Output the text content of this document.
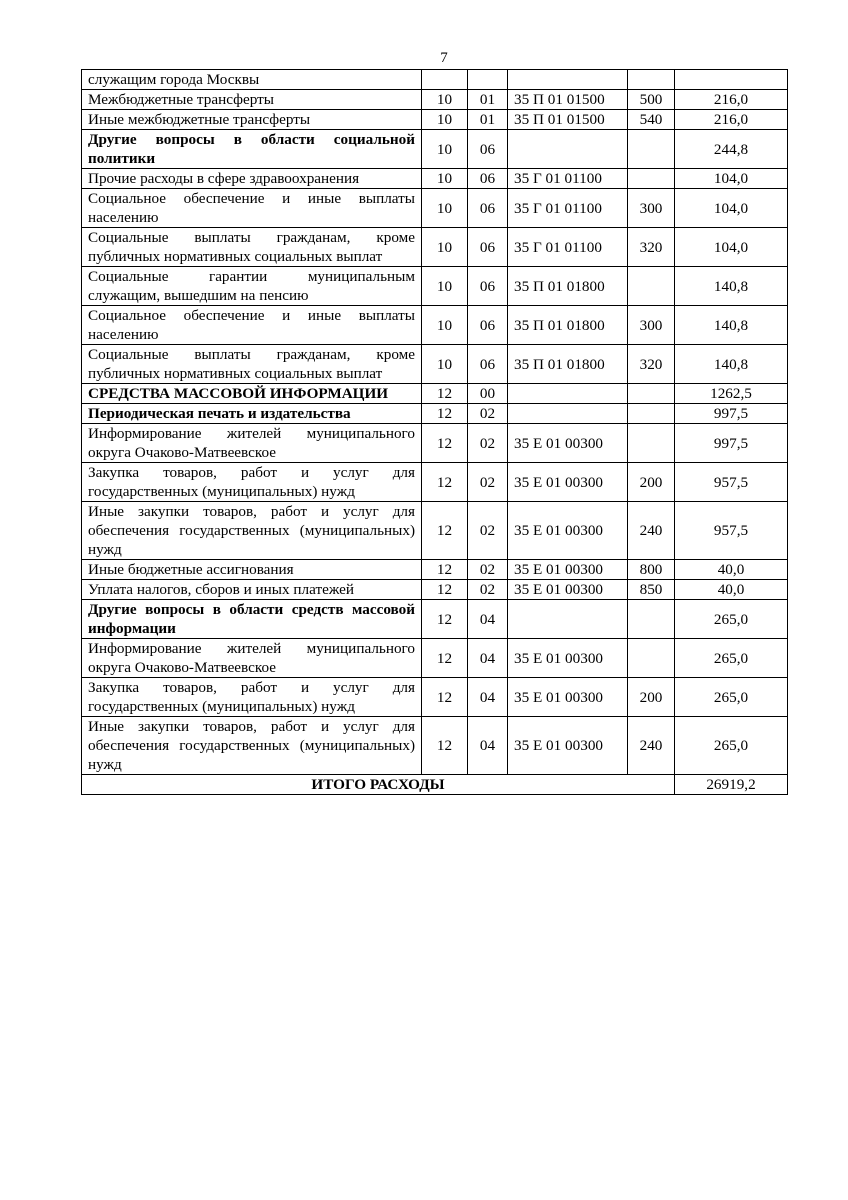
7
служащим города Москвы					
Межбюджетные трансферты	10	01	35 П 01 01500	500	216,0
Иные межбюджетные трансферты	10	01	35 П 01 01500	540	216,0
Другие вопросы в области социальной политики	10	06			244,8
Прочие расходы в сфере здравоохранения	10	06	35 Г 01 01100		104,0
Социальное обеспечение и иные выплаты населению	10	06	35 Г 01 01100	300	104,0
Социальные выплаты гражданам, кроме публичных нормативных социальных выплат	10	06	35 Г 01 01100	320	104,0
Социальные гарантии муниципальным служащим, вышедшим на пенсию	10	06	35 П 01 01800		140,8
Социальное обеспечение и иные выплаты населению	10	06	35 П 01 01800	300	140,8
Социальные выплаты гражданам, кроме публичных нормативных социальных выплат	10	06	35 П 01 01800	320	140,8
СРЕДСТВА МАССОВОЙ ИНФОРМАЦИИ	12	00			1262,5
Периодическая печать и издательства	12	02			997,5
Информирование жителей муниципального округа Очаково-Матвеевское	12	02	35 Е 01 00300		997,5
Закупка товаров, работ и услуг для государственных (муниципальных) нужд	12	02	35 Е 01 00300	200	957,5
Иные закупки товаров, работ и услуг для обеспечения государственных (муниципальных) нужд	12	02	35 Е 01 00300	240	957,5
Иные бюджетные ассигнования	12	02	35 Е 01 00300	800	40,0
Уплата налогов, сборов и иных платежей	12	02	35 Е 01 00300	850	40,0
Другие вопросы в области средств массовой информации	12	04			265,0
Информирование жителей муниципального округа Очаково-Матвеевское	12	04	35 Е 01 00300		265,0
Закупка товаров, работ и услуг для государственных (муниципальных) нужд	12	04	35 Е 01 00300	200	265,0
Иные закупки товаров, работ и услуг для обеспечения государственных (муниципальных) нужд	12	04	35 Е 01 00300	240	265,0
ИТОГО РАСХОДЫ					26919,2
